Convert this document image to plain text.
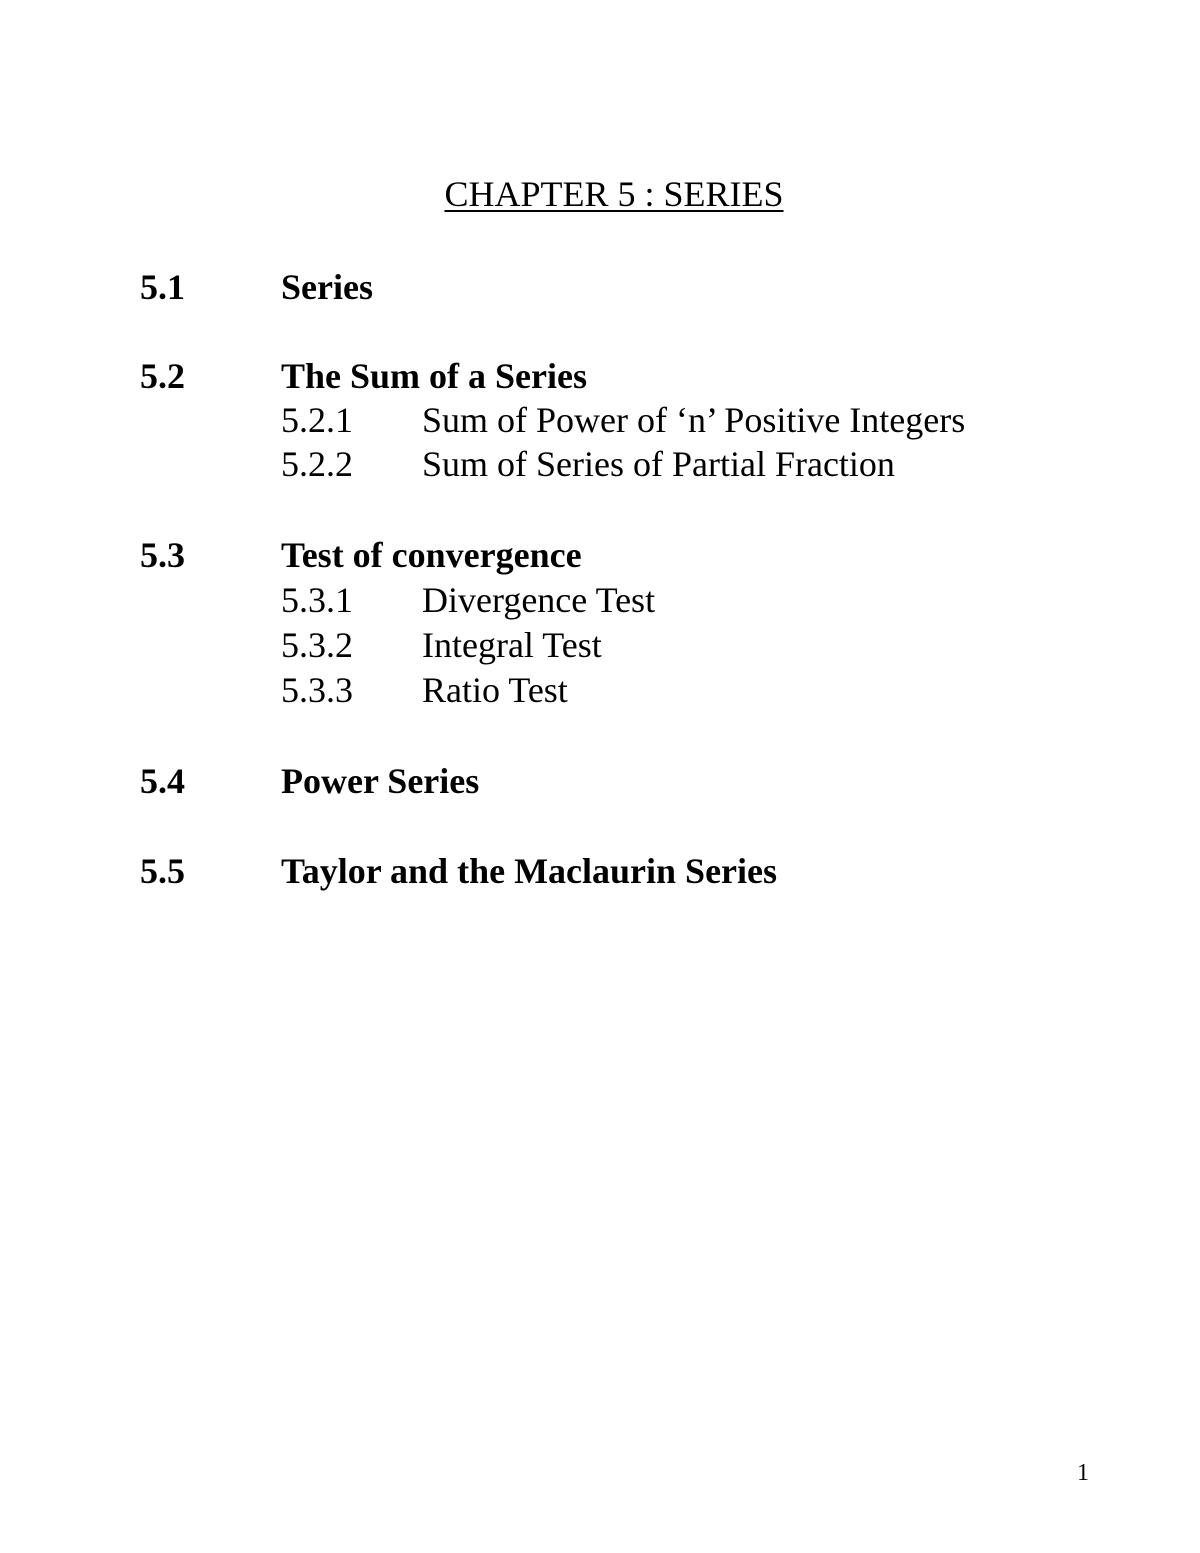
CHAPTER 5 : SERIES
5.1	Series
5.2	The Sum of a Series
5.2.1 Sum of Power of ‘n’ Positive Integers
5.2.2 Sum of Series of Partial Fraction
5.3	Test of convergence
5.3.1 Divergence Test
5.3.2 Integral Test
5.3.3 Ratio Test
5.4	Power Series
5.5	Taylor and the Maclaurin Series
1
